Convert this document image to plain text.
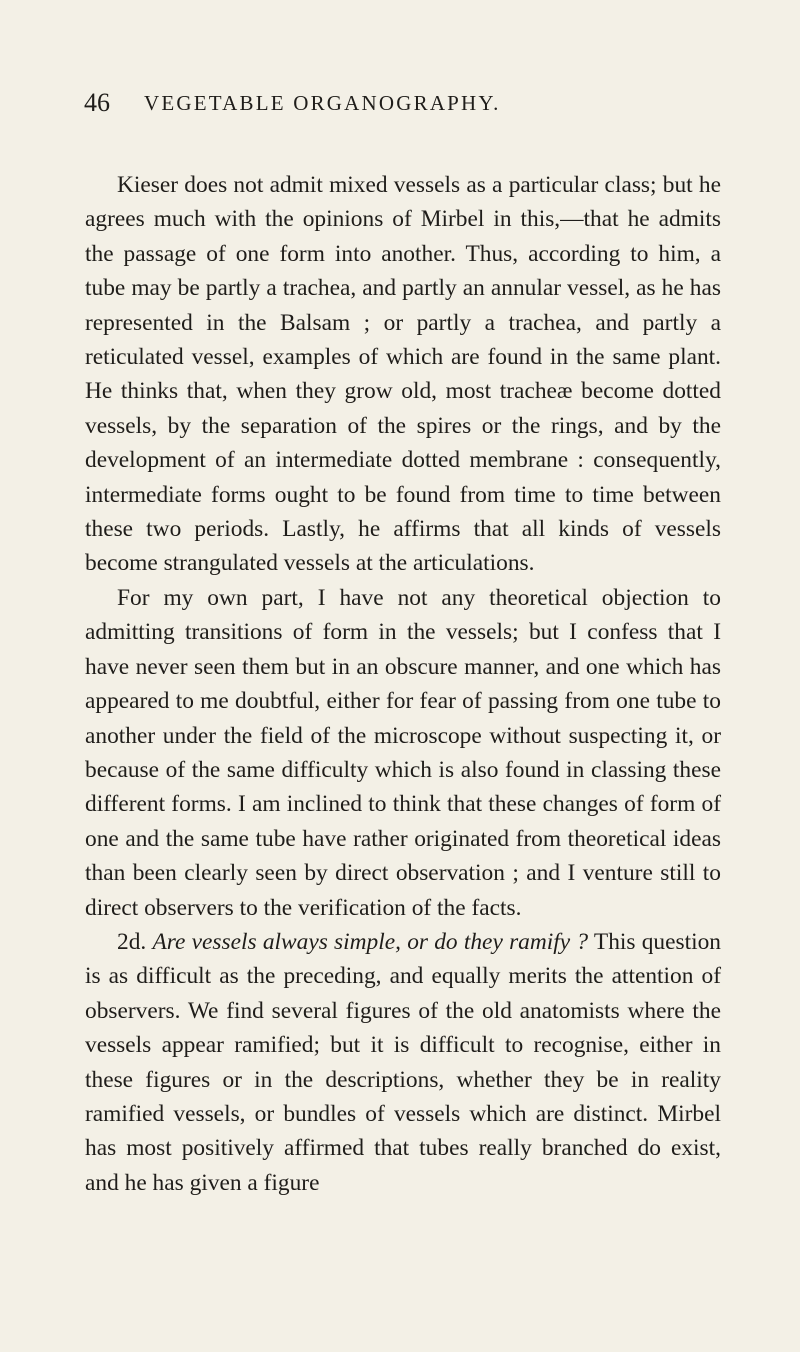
46 VEGETABLE ORGANOGRAPHY.

Kieser does not admit mixed vessels as a particular class; but he agrees much with the opinions of Mirbel in this,—that he admits the passage of one form into another. Thus, according to him, a tube may be partly a trachea, and partly an annular vessel, as he has represented in the Balsam ; or partly a trachea, and partly a reticulated vessel, examples of which are found in the same plant. He thinks that, when they grow old, most tracheæ become dotted vessels, by the separation of the spires or the rings, and by the development of an intermediate dotted membrane : consequently, intermediate forms ought to be found from time to time between these two periods. Lastly, he affirms that all kinds of vessels become strangulated vessels at the articulations.

For my own part, I have not any theoretical objection to admitting transitions of form in the vessels; but I confess that I have never seen them but in an obscure manner, and one which has appeared to me doubtful, either for fear of passing from one tube to another under the field of the microscope without suspecting it, or because of the same difficulty which is also found in classing these different forms. I am inclined to think that these changes of form of one and the same tube have rather originated from theoretical ideas than been clearly seen by direct observation ; and I venture still to direct observers to the verification of the facts.

2d. Are vessels always simple, or do they ramify ? This question is as difficult as the preceding, and equally merits the attention of observers. We find several figures of the old anatomists where the vessels appear ramified; but it is difficult to recognise, either in these figures or in the descriptions, whether they be in reality ramified vessels, or bundles of vessels which are distinct. Mirbel has most positively affirmed that tubes really branched do exist, and he has given a figure
